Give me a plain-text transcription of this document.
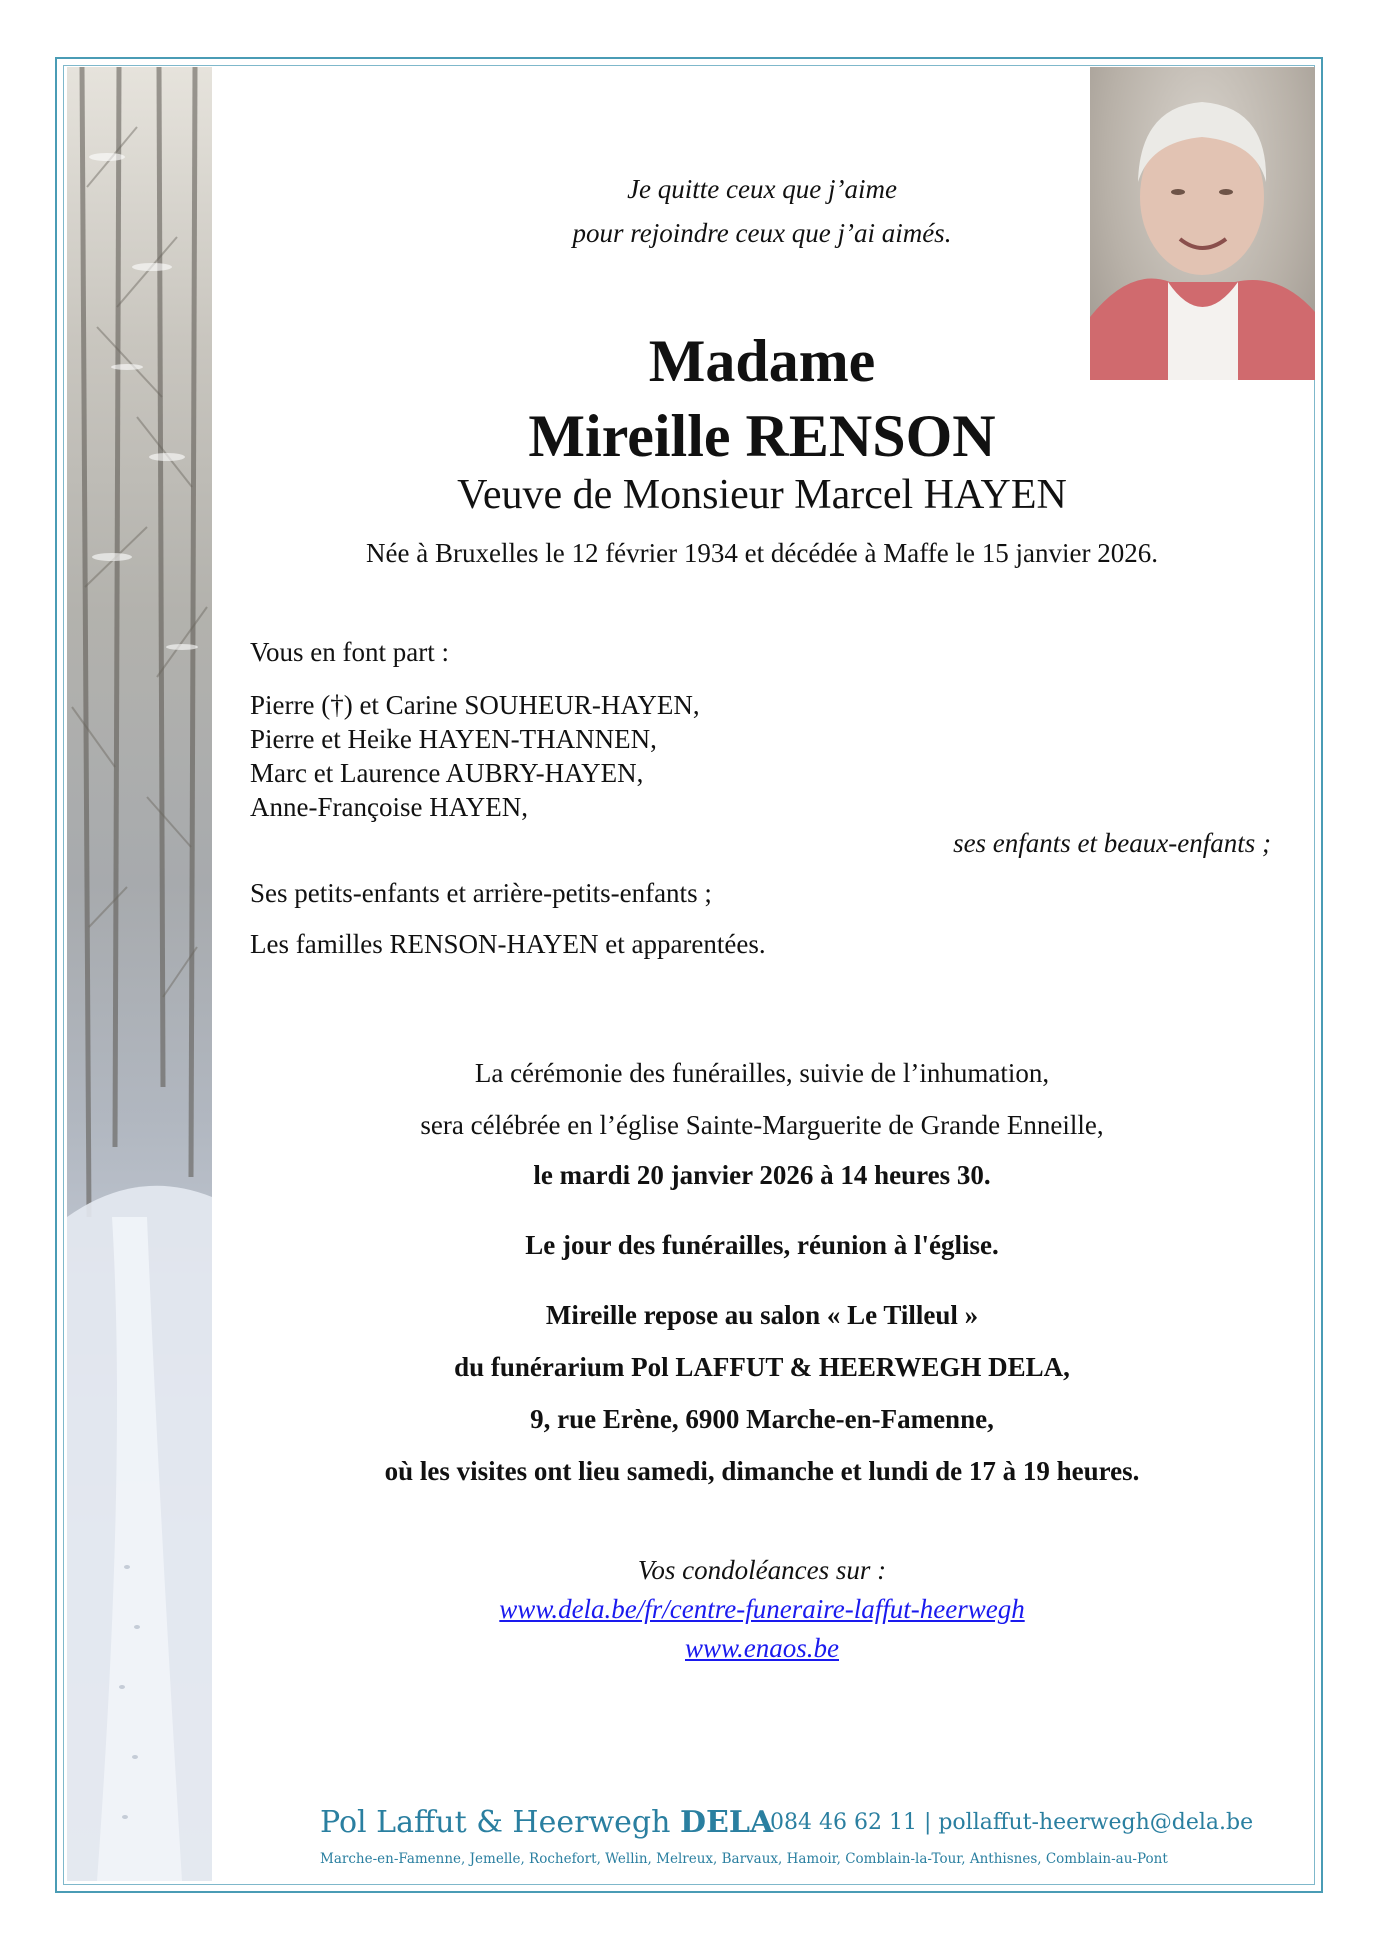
Je quitte ceux que j’aime
pour rejoindre ceux que j’ai aimés.
Madame
Mireille RENSON
Veuve de Monsieur Marcel HAYEN
Née à Bruxelles le 12 février 1934 et décédée à Maffe le 15 janvier 2026.
Vous en font part :
Pierre (†) et Carine SOUHEUR-HAYEN,
Pierre et Heike HAYEN-THANNEN,
Marc et Laurence AUBRY-HAYEN,
Anne-Françoise HAYEN,
ses enfants et beaux-enfants ;
Ses petits-enfants et arrière-petits-enfants ;
Les familles RENSON-HAYEN et apparentées.
La cérémonie des funérailles, suivie de l’inhumation,
sera célébrée en l’église Sainte-Marguerite de Grande Enneille,
le mardi 20 janvier 2026 à 14 heures 30.
Le jour des funérailles, réunion à l'église.
Mireille repose au salon « Le Tilleul »
du funérarium Pol LAFFUT & HEERWEGH DELA,
9, rue Erène, 6900 Marche-en-Famenne,
où les visites ont lieu samedi, dimanche et lundi de 17 à 19 heures.
Vos condoléances sur :
www.dela.be/fr/centre-funeraire-laffut-heerwegh
www.enaos.be
Pol Laffut & Heerwegh DELA
084 46 62 11 | pollaffut-heerwegh@dela.be
Marche-en-Famenne, Jemelle, Rochefort, Wellin, Melreux, Barvaux, Hamoir, Comblain-la-Tour, Anthisnes, Comblain-au-Pont
